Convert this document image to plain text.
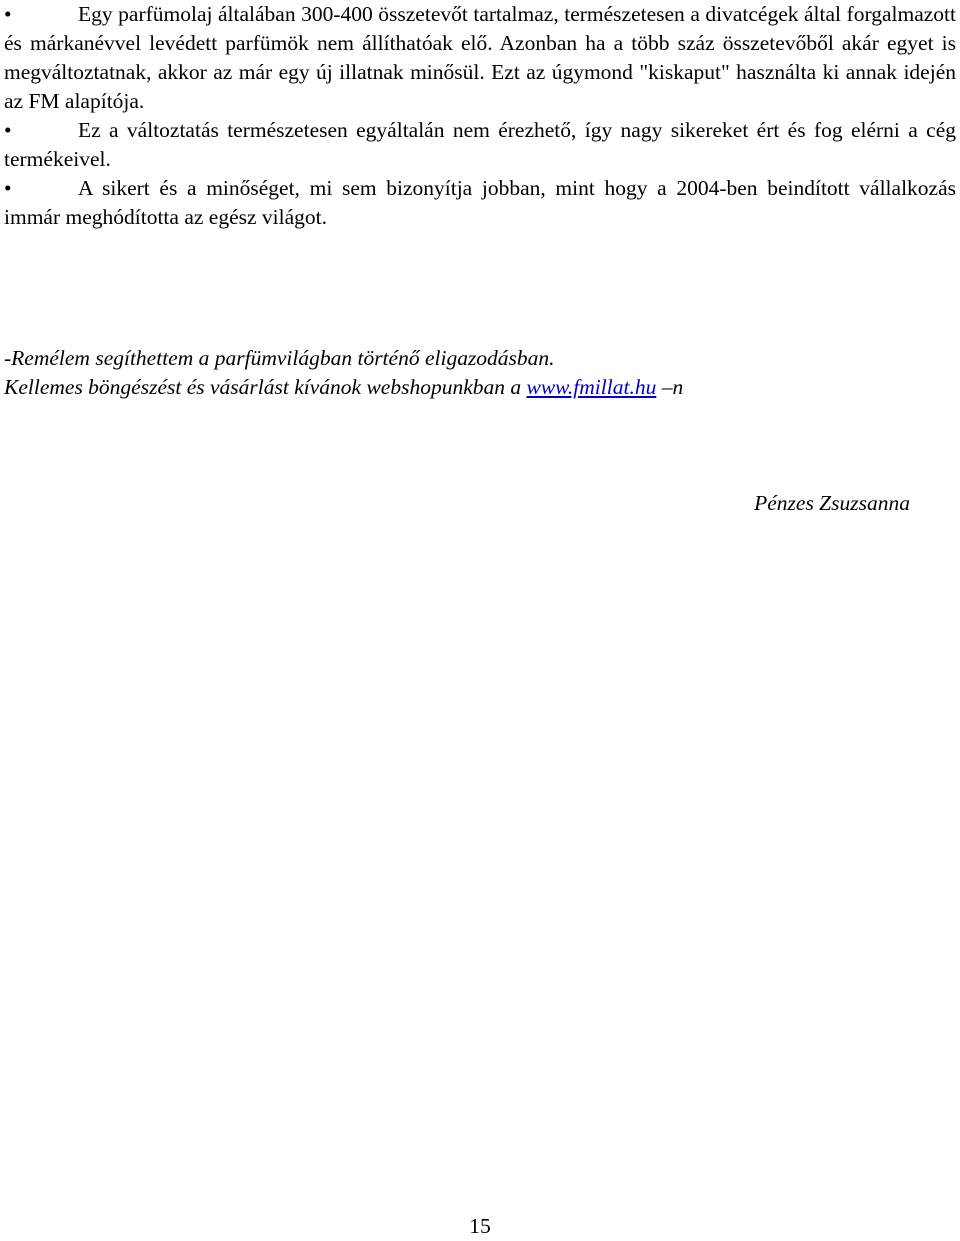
•	Egy parfümolaj általában 300-400 összetevőt tartalmaz, természetesen a divatcégek által forgalmazott és márkanévvel levédett parfümök nem állíthatóak elő. Azonban ha a több száz összetevőből akár egyet is megváltoztatnak, akkor az már egy új illatnak minősül. Ezt az úgymond "kiskaput" használta ki annak idején az FM alapítója.
•	Ez a változtatás természetesen egyáltalán nem érezhető, így nagy sikereket ért és fog elérni a cég termékeivel.
•	A sikert és a minőséget, mi sem bizonyítja jobban, mint hogy a 2004-ben beindított vállalkozás immár meghódította az egész világot.

-Remélem segíthettem a parfümvilágban történő eligazodásban.

Kellemes böngészést és vásárlást kívánok webshopunkban a www.fmillat.hu –n

Pénzes Zsuzsanna
15
